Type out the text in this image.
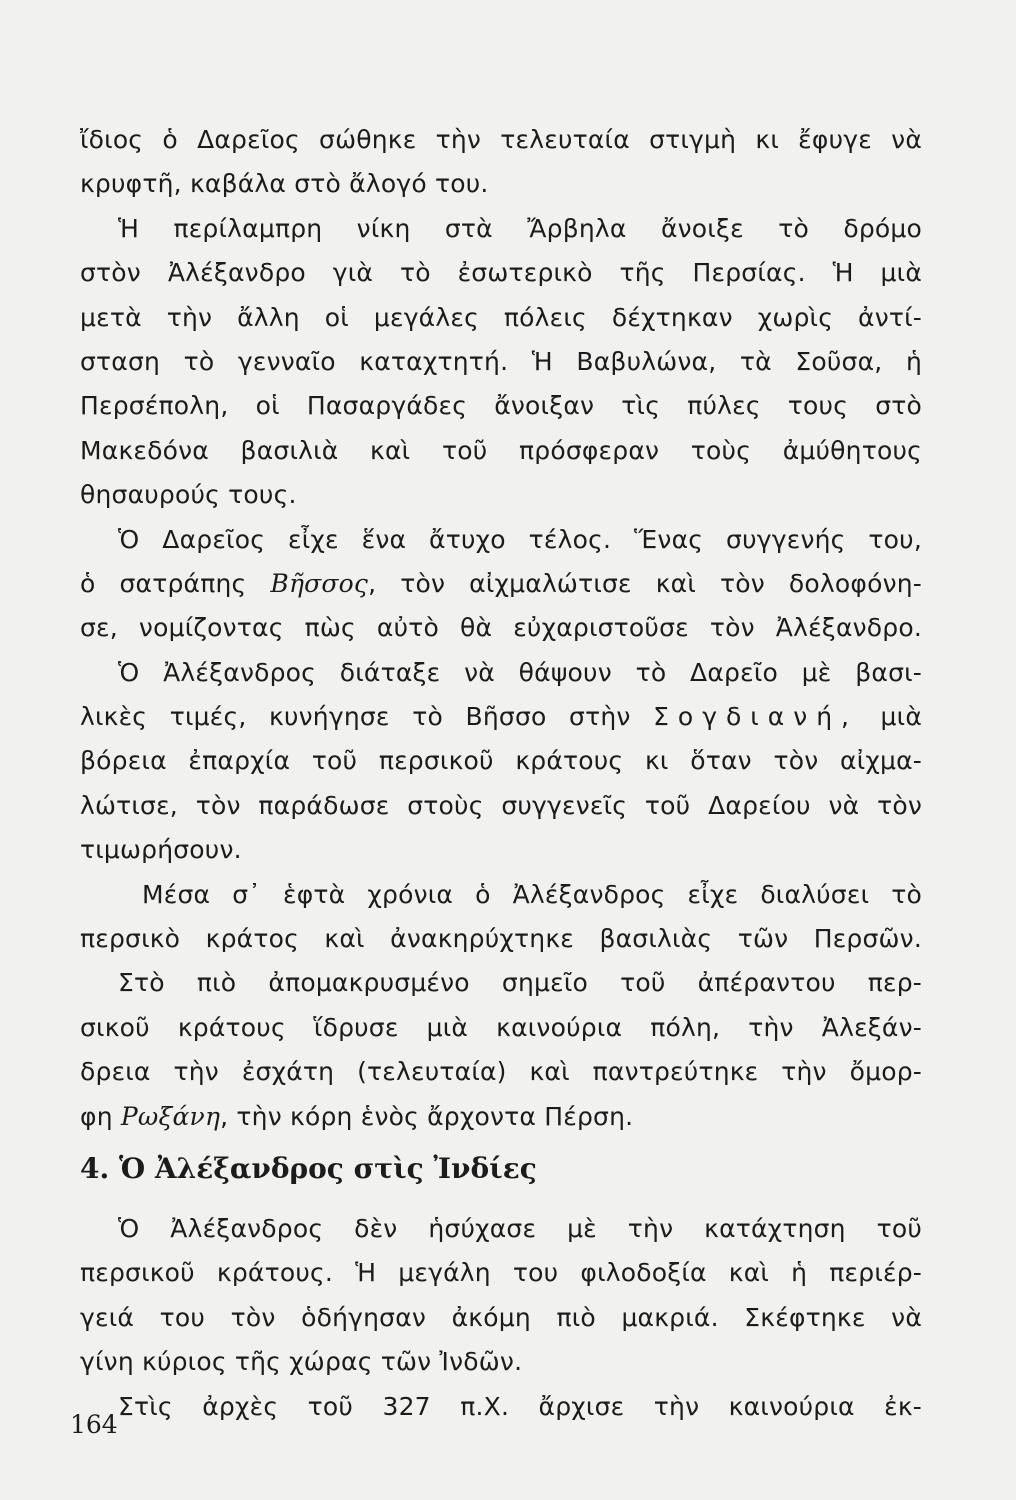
ἴδιος ὁ Δαρεῖος σώθηκε τὴν τελευταία στιγμὴ κι ἔφυγε νὰ
κρυφτῆ, καβάλα στὸ ἄλογό του.
Ἡ περίλαμπρη νίκη στὰ Ἄρβηλα ἄνοιξε τὸ δρόμο
στὸν Ἀλέξανδρο γιὰ τὸ ἐσωτερικὸ τῆς Περσίας. Ἡ μιὰ
μετὰ τὴν ἄλλη οἱ μεγάλες πόλεις δέχτηκαν χωρὶς ἀντί-
σταση τὸ γενναῖο καταχτητή. Ἡ Βαβυλώνα, τὰ Σοῦσα, ἡ
Περσέπολη, οἱ Πασαργάδες ἄνοιξαν τὶς πύλες τους στὸ
Μακεδόνα βασιλιὰ καὶ τοῦ πρόσφεραν τοὺς ἀμύθητους
θησαυρούς τους.
Ὁ Δαρεῖος εἶχε ἕνα ἄτυχο τέλος. Ἕνας συγγενής του,
ὁ σατράπης Βῆσσος, τὸν αἰχμαλώτισε καὶ τὸν δολοφόνη-
σε, νομίζοντας πὼς αὐτὸ θὰ εὐχαριστοῦσε τὸν Ἀλέξανδρο.
Ὁ Ἀλέξανδρος διάταξε νὰ θάψουν τὸ Δαρεῖο μὲ βασι-
λικὲς τιμές, κυνήγησε τὸ Βῆσσο στὴν Σογδιανή, μιὰ
βόρεια ἐπαρχία τοῦ περσικοῦ κράτους κι ὅταν τὸν αἰχμα-
λώτισε, τὸν παράδωσε στοὺς συγγενεῖς τοῦ Δαρείου νὰ τὸν
τιμωρήσουν.
Μέσα σ᾿ ἑφτὰ χρόνια ὁ Ἀλέξανδρος εἶχε διαλύσει τὸ
περσικὸ κράτος καὶ ἀνακηρύχτηκε βασιλιὰς τῶν Περσῶν.
Στὸ πιὸ ἀπομακρυσμένο σημεῖο τοῦ ἀπέραντου περ-
σικοῦ κράτους ἵδρυσε μιὰ καινούρια πόλη, τὴν Ἀλεξάν-
δρεια τὴν ἐσχάτη (τελευταία) καὶ παντρεύτηκε τὴν ὄμορ-
φη Ρωξάνη, τὴν κόρη ἑνὸς ἄρχοντα Πέρση.
4. Ὁ Ἀλέξανδρος στὶς Ἰνδίες
Ὁ Ἀλέξανδρος δὲν ἡσύχασε μὲ τὴν κατάχτηση τοῦ
περσικοῦ κράτους. Ἡ μεγάλη του φιλοδοξία καὶ ἡ περιέρ-
γειά του τὸν ὁδήγησαν ἀκόμη πιὸ μακριά. Σκέφτηκε νὰ
γίνη κύριος τῆς χώρας τῶν Ἰνδῶν.
Στὶς ἀρχὲς τοῦ 327 π.Χ. ἄρχισε τὴν καινούρια ἐκ-
164
